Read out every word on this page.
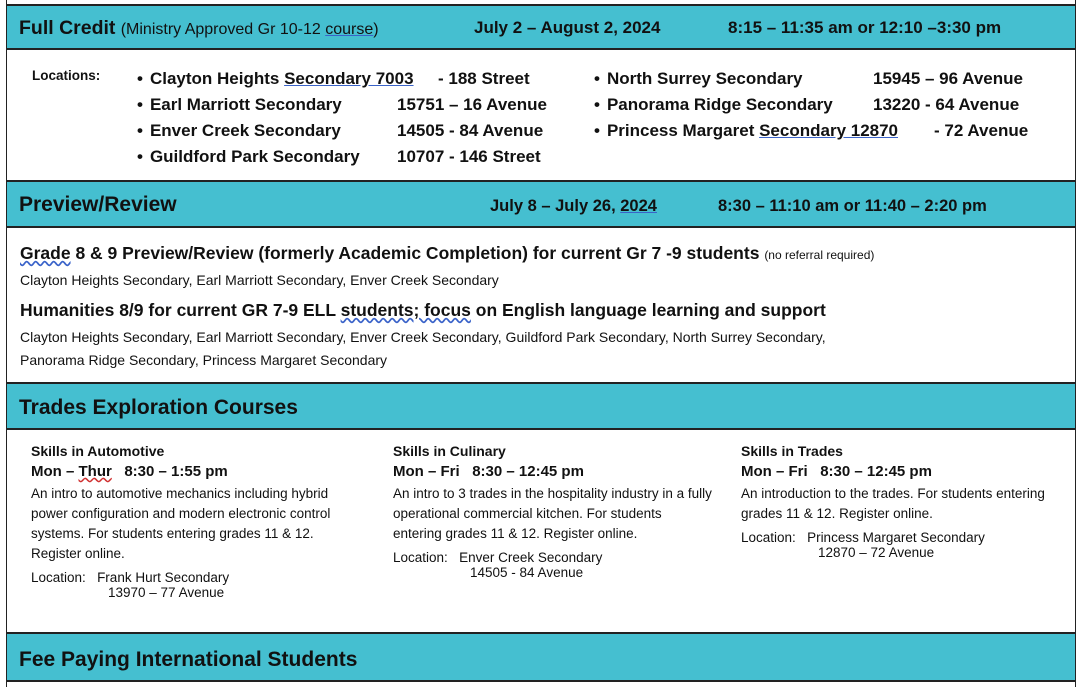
Full Credit (Ministry Approved Gr 10-12 course)	July 2 – August 2, 2024	8:15 – 11:35 am or 12:10 –3:30 pm
Locations:
•	Clayton Heights Secondary 7003 - 188 Street
• Earl Marriott Secondary	15751 – 16 Avenue
• Enver Creek Secondary	14505 - 84 Avenue
• Guildford Park Secondary 10707 - 146 Street
• North Surrey Secondary	15945 – 96 Avenue
• Panorama Ridge Secondary 13220 - 64 Avenue
• Princess Margaret Secondary 12870 - 72 Avenue
Preview/Review	July 8 – July 26, 2024	8:30 – 11:10 am or 11:40 – 2:20 pm
Grade 8 & 9 Preview/Review (formerly Academic Completion) for current Gr 7 -9 students (no referral required)
Clayton Heights Secondary, Earl Marriott Secondary, Enver Creek Secondary
Humanities 8/9 for current GR 7-9 ELL students; focus on English language learning and support
Clayton Heights Secondary, Earl Marriott Secondary, Enver Creek Secondary, Guildford Park Secondary, North Surrey Secondary,
Panorama Ridge Secondary, Princess Margaret Secondary
Trades Exploration Courses
Skills in Automotive
Mon – Thur 8:30 – 1:55 pm
An intro to automotive mechanics including hybrid power configuration and modern electronic control systems. For students entering grades 11 & 12. Register online.
Location: Frank Hurt Secondary
13970 – 77 Avenue
Skills in Culinary
Mon – Fri 8:30 – 12:45 pm
An intro to 3 trades in the hospitality industry in a fully operational commercial kitchen. For students entering grades 11 & 12. Register online.
Location: Enver Creek Secondary
14505 - 84 Avenue
Skills in Trades
Mon – Fri 8:30 – 12:45 pm
An introduction to the trades. For students entering grades 11 & 12. Register online.
Location: Princess Margaret Secondary
12870 – 72 Avenue
Fee Paying International Students
